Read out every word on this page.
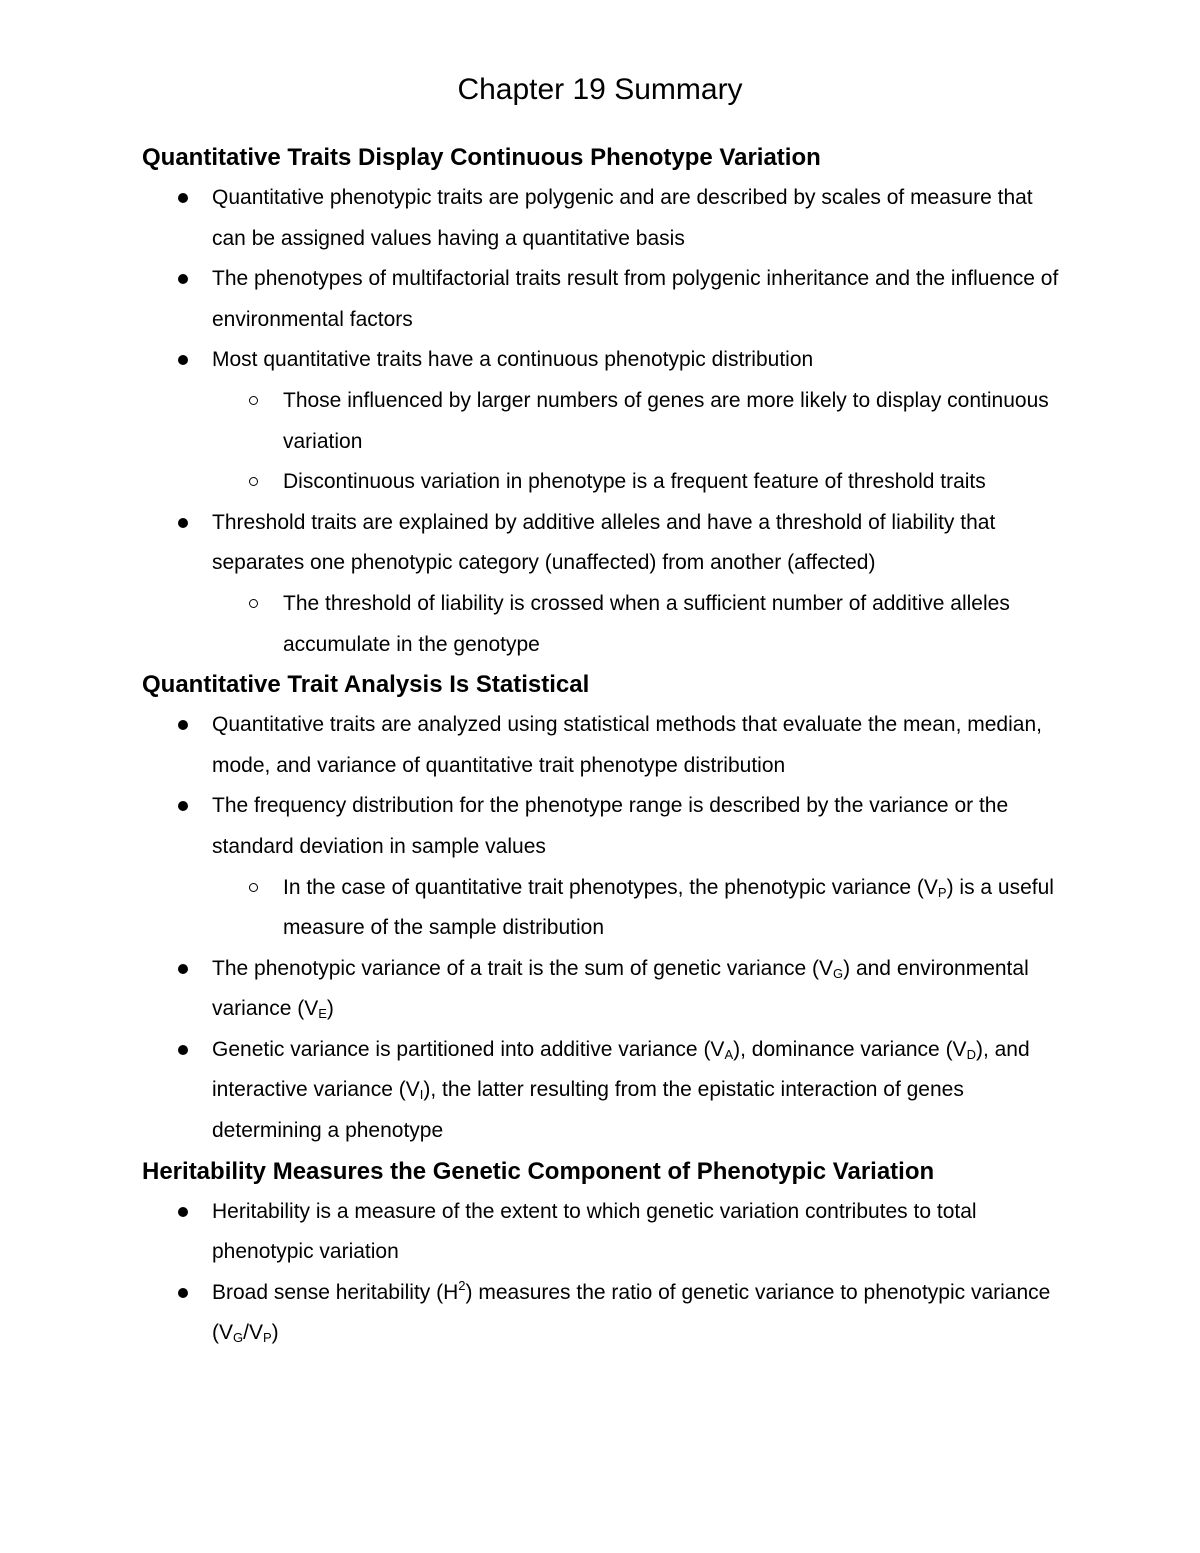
Chapter 19 Summary
Quantitative Traits Display Continuous Phenotype Variation
Quantitative phenotypic traits are polygenic and are described by scales of measure that can be assigned values having a quantitative basis
The phenotypes of multifactorial traits result from polygenic inheritance and the influence of environmental factors
Most quantitative traits have a continuous phenotypic distribution
Those influenced by larger numbers of genes are more likely to display continuous variation
Discontinuous variation in phenotype is a frequent feature of threshold traits
Threshold traits are explained by additive alleles and have a threshold of liability that separates one phenotypic category (unaffected) from another (affected)
The threshold of liability is crossed when a sufficient number of additive alleles accumulate in the genotype
Quantitative Trait Analysis Is Statistical
Quantitative traits are analyzed using statistical methods that evaluate the mean, median, mode, and variance of quantitative trait phenotype distribution
The frequency distribution for the phenotype range is described by the variance or the standard deviation in sample values
In the case of quantitative trait phenotypes, the phenotypic variance $(V_P)$ is a useful measure of the sample distribution
The phenotypic variance of a trait is the sum of genetic variance $(V_G)$ and environmental variance $(V_E)$
Genetic variance is partitioned into additive variance $(V_A)$, dominance variance $(V_D)$, and interactive variance $(V_I)$, the latter resulting from the epistatic interaction of genes determining a phenotype
Heritability Measures the Genetic Component of Phenotypic Variation
Heritability is a measure of the extent to which genetic variation contributes to total phenotypic variation
Broad sense heritability $(H^2)$ measures the ratio of genetic variance to phenotypic variance $(V_G/V_P)$
